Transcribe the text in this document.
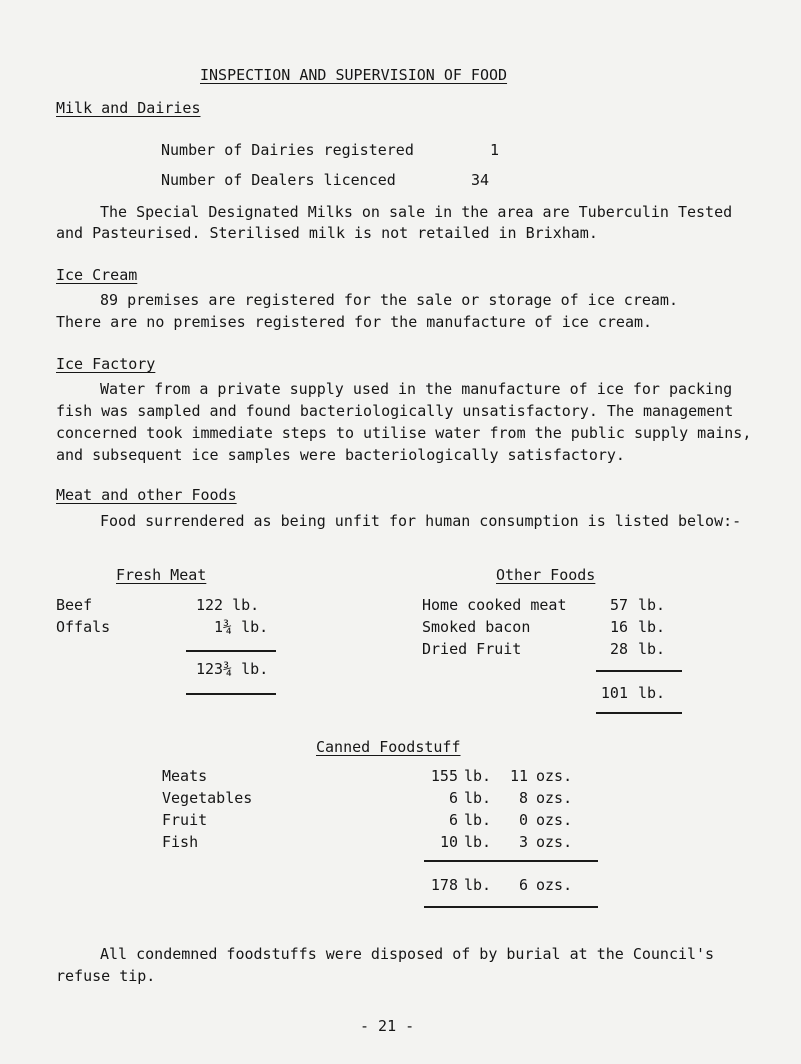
INSPECTION AND SUPERVISION OF FOOD
Milk and Dairies
Number of Dairies registered	1
Number of Dealers licenced	34
The Special Designated Milks on sale in the area are Tuberculin Tested
and Pasteurised. Sterilised milk is not retailed in Brixham.
Ice Cream
89 premises are registered for the sale or storage of ice cream.
There are no premises registered for the manufacture of ice cream.
Ice Factory
Water from a private supply used in the manufacture of ice for packing
fish was sampled and found bacteriologically unsatisfactory. The management
concerned took immediate steps to utilise water from the public supply mains,
and subsequent ice samples were bacteriologically satisfactory.
Meat and other Foods
Food surrendered as being unfit for human consumption is listed below:-
Fresh Meat
Beef	122 lb.
Offals	1¾ lb.
123¾ lb.
Other Foods
Home cooked meat	57 lb.
Smoked bacon	16 lb.
Dried Fruit	28 lb.
101 lb.
Canned Foodstuff
Meats	155 lb.	11 ozs.
Vegetables	6 lb.	8 ozs.
Fruit	6 lb.	0 ozs.
Fish	10 lb.	3 ozs.
178 lb.	6 ozs.
All condemned foodstuffs were disposed of by burial at the Council's
refuse tip.
- 21 -
